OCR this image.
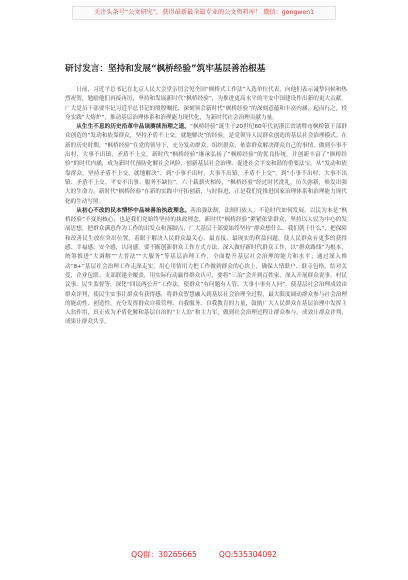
关注头条号“公文研究”，获得最新最全最专业的公文资料库！ 微信：gongwen1
研讨发言：坚持和发展“枫桥经验”筑牢基层善治根基

日前，习近平总书记在北京人民大会堂亲切会见全国“枫桥式工作法”入选单位代表，向他们表示诚挚问候和热烈祝贺，勉励他们再接再厉，坚持和发展新时代“枫桥经验”，为推进更高水平的平安中国建设作出新的更大贡献。广大党员干部要牢记习近平总书记的殷殷嘱托，深刻领会新时代“枫桥经验”的深刻意蕴和丰富内涵，起而行之，投身实践“大熔炉”，推动基层治理体系和治理能力现代化，为新时代社会治理贡献力量。

从生生不息的历史沿革中品读赓续治理之道。“枫桥经验”诞生于20世纪60年代初浙江省诸暨市枫桥镇干部群众创造的“发动和依靠群众，坚持矛盾不上交，就地解决”的经验，是党领导人民群众创造的基层社会治理模式。在新的历史时期，“枫桥经验”在党的领导下，充分发动群众、组织群众、依靠群众解决群众自己的事情，做到小事不出村、大事不出镇、矛盾不上交，新时代“枫桥经验”继承弘扬了“枫桥经验”的优良传统，并创新丰富了“枫桥经验”的时代内涵，成为新时代预防化解社会风险、创新基层社会治理、促进社会平安和谐的重要法宝。从“发动和依靠群众，坚持矛盾不上交，就地解决”，到“小事不出村，大事不出镇，矛盾不上交”，到“小事不出村、大事不出镇、矛盾不上交、平安不出事、服务不缺位”，六十载薪火相传，“枫桥经验”经过时代洗礼，历久弥新，焕发出强大的生命力。新时代“枫桥经验”在新的实践中开拓创新、与时俱进，正是我们党推进国家治理体系和治理能力现代化的生动写照。

从初心不改的民本情怀中品味善治执政理念。善治强法制，法制归依人。不论时代如何发展，以民为本是“枫桥经验”不变的核心，也是我们党始终坚持的执政理念。新时代“枫桥经验”紧紧依靠群众，坚持以人民为中心的发展思想，把群众满意作为工作的出发点和落脚点，广大基层干部要始终坚持“群众想什么、我们就干什么”，把保障和改善民生放在突出位置，着眼于解决人民群众最关心、最直接、最现实的利益问题，使人民群众有更多的获得感、幸福感、安全感，认同感。要不断创新群众工作方式方法，深入做好新时代群众工作，以“群众路线”为根本，统筹推进“大调解”“大普法”“大服务”等基层治理工作，全面提升基层社会治理的能力和水平；通过深入推动“8+”基层社会治理工作走深走实，用心用情用力把工作做到群众的心坎上，确保人情联户、联寺包格，结对关爱，企业包联、支部联建全覆盖，用实际行动赢得群众认可，要将“三治”会开到百姓家，深入开展群众说事、村民议事、民生监督等，深化“四议两公开”工作法，使群众“有问题有人管、大事小事有人问”，使基层社会治理成效由群众评判，使民生实事让群众有获得感，将群众智慧融入到基层社会治理全过程，最大限度调动群众参与社会治理的能动性、创造性，充分发挥群众自我管理、自我服务、自我教育的力量，鼓励广大人民群众在基层治理中发挥主人翁作用，真正成为矛盾化解和基层自治的“主人翁”和主力军，做到社会治理过程让群众参与，成效让群众评判，成果让群众共享。

QQ群：30265665	QQ:535304092
